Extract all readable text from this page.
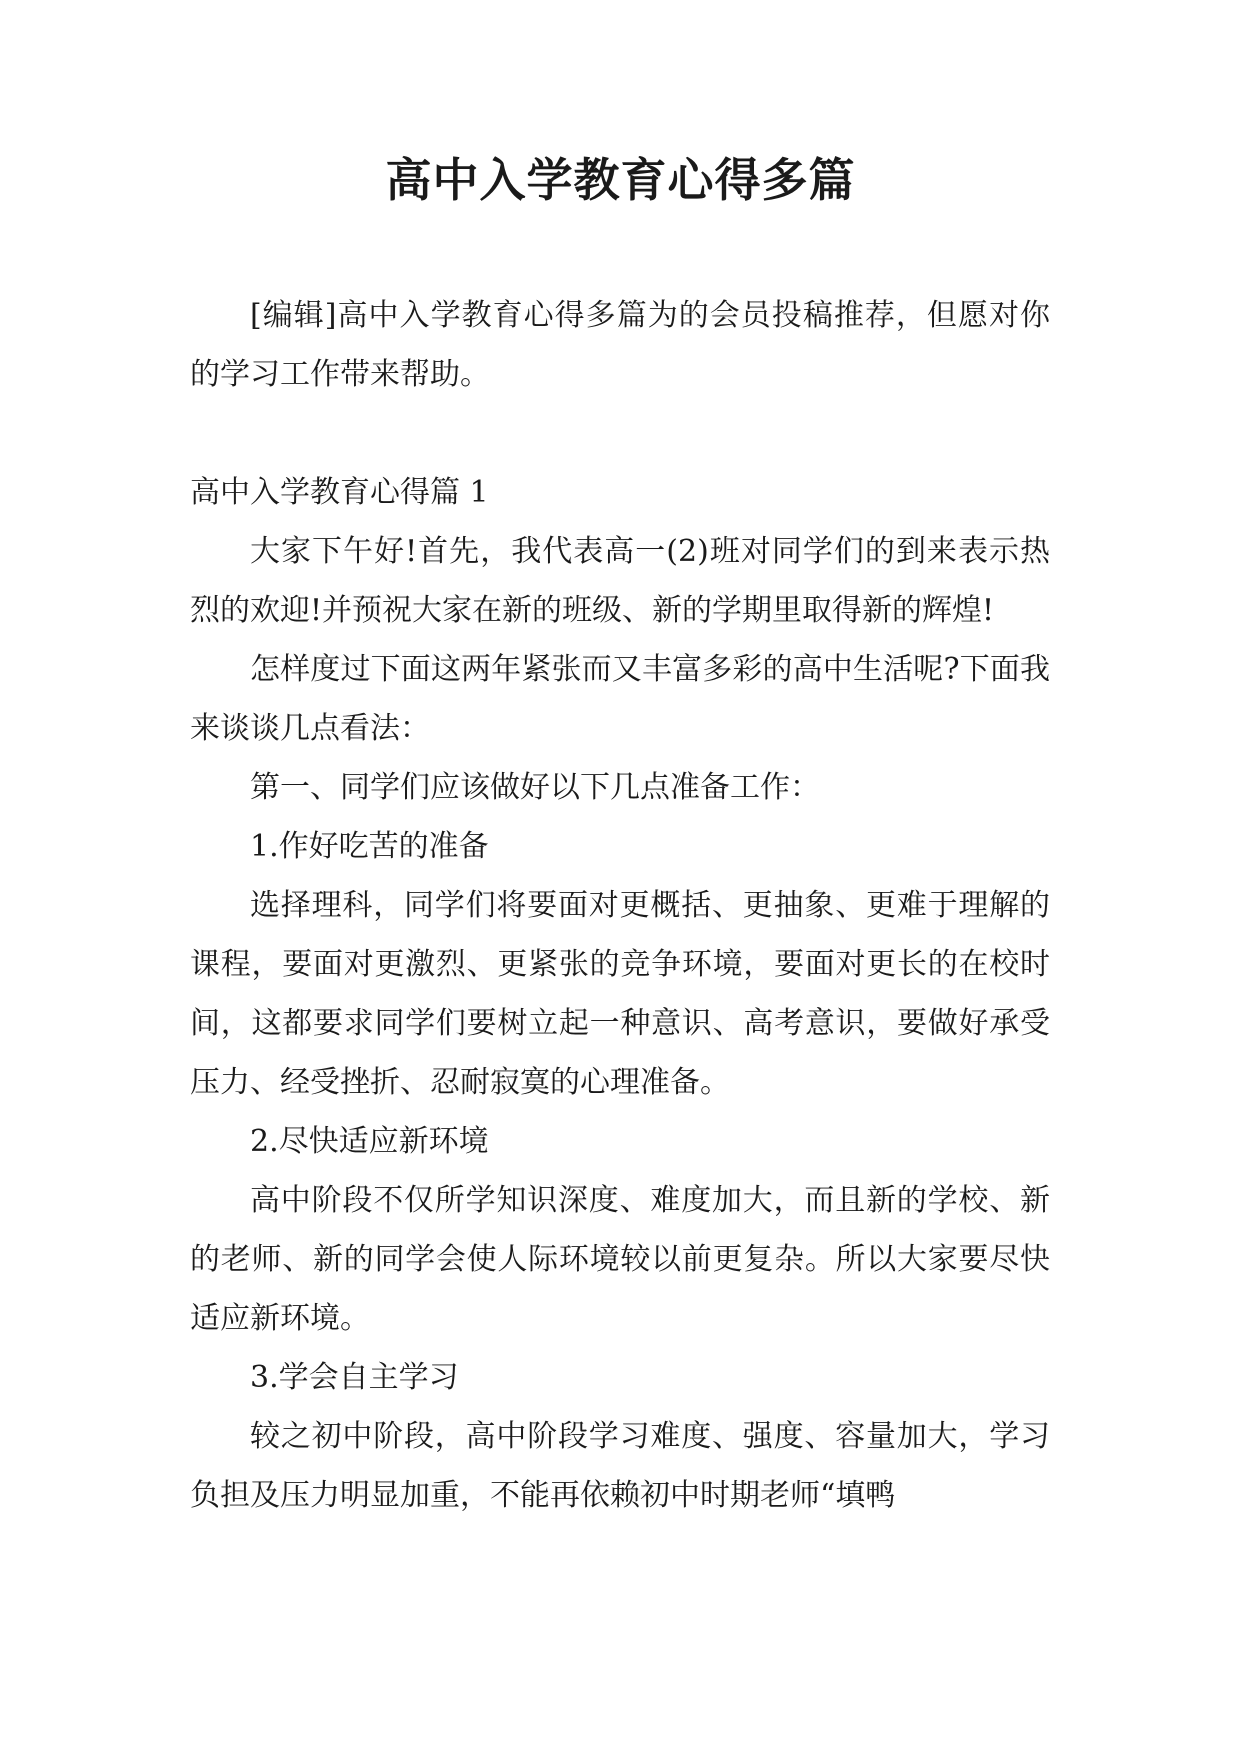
高中入学教育心得多篇

[编辑]高中入学教育心得多篇为的会员投稿推荐，但愿对你的学习工作带来帮助。

高中入学教育心得篇 1

大家下午好!首先，我代表高一(2)班对同学们的到来表示热烈的欢迎!并预祝大家在新的班级、新的学期里取得新的辉煌!

怎样度过下面这两年紧张而又丰富多彩的高中生活呢?下面我来谈谈几点看法：

第一、同学们应该做好以下几点准备工作：

1.作好吃苦的准备

选择理科，同学们将要面对更概括、更抽象、更难于理解的课程，要面对更激烈、更紧张的竞争环境，要面对更长的在校时间，这都要求同学们要树立起一种意识、高考意识，要做好承受压力、经受挫折、忍耐寂寞的心理准备。

2.尽快适应新环境

高中阶段不仅所学知识深度、难度加大，而且新的学校、新的老师、新的同学会使人际环境较以前更复杂。所以大家要尽快适应新环境。

3.学会自主学习

较之初中阶段，高中阶段学习难度、强度、容量加大，学习负担及压力明显加重，不能再依赖初中时期老师“填鸭
